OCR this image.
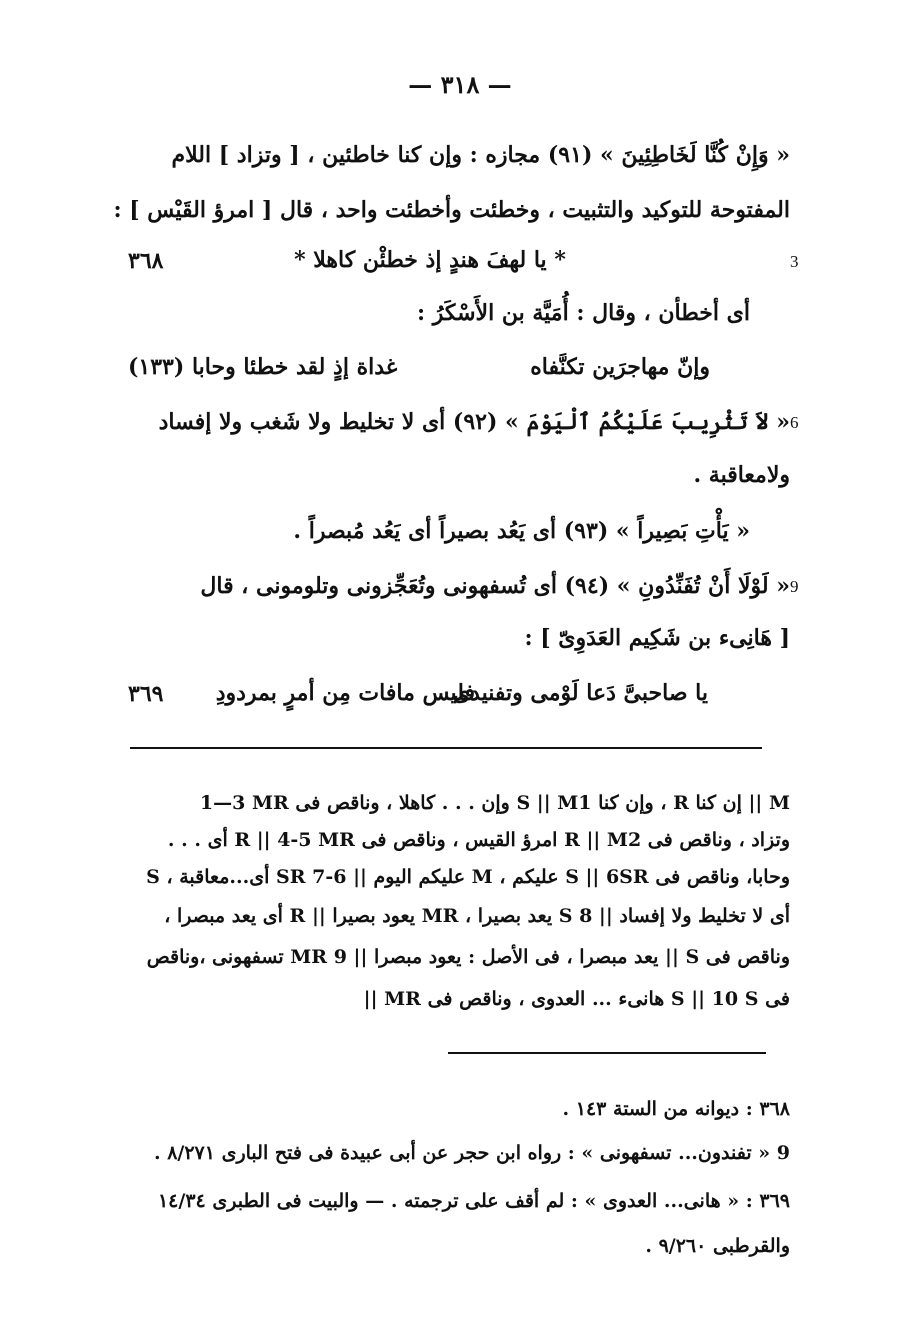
— ٣١٨ —
« وَإِنْ كُنَّا لَخَاطِئِينَ » (٩١) مجازه : وإن كنا خاطئين ، [ وتزاد ] اللام
المفتوحة للتوكيد والتثبيت ، وخطئت وأخطئت واحد ، قال [ امرؤ القَيْس ] :
3
* يا لهفَ هندٍ إذ خطئْن كاهلا *
٣٦٨
أى أخطأن ، وقال : أُمَيَّة بن الأَسْكَرُ :
وإنّ مهاجرَين تكنَّفاه
غداة إذٍ لقد خطئا وحابا (١٣٣)
6
« لاَ تَثْرِيبَ عَلَيْكُمُ ٱلْيَوْمَ » (٩٢) أى لا تخليط ولا شَغب ولا إفساد
ولامعاقبة .
« يَأْتِ بَصِيراً » (٩٣) أى يَعُد بصيراً أى يَعُد مُبصراً .
9
« لَوْلَا أَنْ تُفَنِّدُونِ » (٩٤) أى تُسفهونى وتُعَجِّزونى وتلومونى ، قال
[ هَانِىء بن شَكِيم العَدَوِىّ ] :
يا صاحبىَّ دَعا لَوْمى وتفنيدى
فليس مافات مِن أمرٍ بمردودِ
٣٦٩
1—3 MR وإن . . . كاهلا ، وناقص فى S || M1 وإن كنا ، R إن كنا || M
وتزاد ، وناقص فى R || M2 امرؤ القيس ، وناقص فى R || 4-5 MR أى . . .
وحابا، وناقص فى S || 6SR عليكم ، M عليكم اليوم || 6-7 SR أى...معاقبة ، S
أى لا تخليط ولا إفساد || 8 S يعد بصيرا ، MR يعود بصيرا || R أى يعد مبصرا ،
وناقص فى S || يعد مبصرا ، فى الأصل : يعود مبصرا || 9 MR تسفهونى ،وناقص
فى S || 10 S هانىء ... العدوى ، وناقص فى MR ||
٣٦٨ : ديوانه من الستة ١٤٣ .
9 « تفندون... تسفهونى » : رواه ابن حجر عن أبى عبيدة فى فتح البارى ٨/٢٧١ .
٣٦٩ : « هانى... العدوى » : لم أقف على ترجمته . — والبيت فى الطبرى ١٤/٣٤
والقرطبى ٩/٢٦٠ .
